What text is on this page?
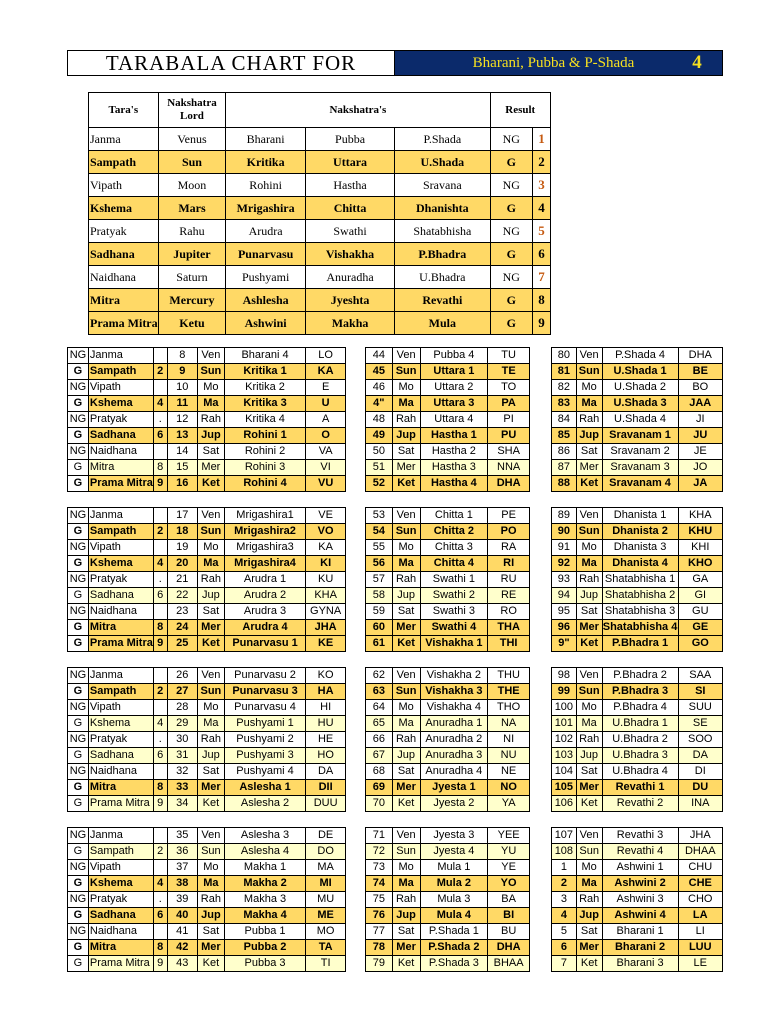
TARABALA CHART FOR	Bharani, Pubba & P-Shada	4
Tara's	Nakshatra Lord	Nakshatra's			Result	
Janma	Venus	Bharani	Pubba	P.Shada	NG	1
Sampath	Sun	Kritika	Uttara	U.Shada	G	2
Vipath	Moon	Rohini	Hastha	Sravana	NG	3
Kshema	Mars	Mrigashira	Chitta	Dhanishta	G	4
Pratyak	Rahu	Arudra	Swathi	Shatabhisha	NG	5
Sadhana	Jupiter	Punarvasu	Vishakha	P.Bhadra	G	6
Naidhana	Saturn	Pushyami	Anuradha	U.Bhadra	NG	7
Mitra	Mercury	Ashlesha	Jyeshta	Revathi	G	8
Prama Mitra	Ketu	Ashwini	Makha	Mula	G	9
NG	Janma		8	Ven	Bharani 4	LO
G	Sampath	2	9	Sun	Kritika 1	KA
NG	Vipath		10	Mo	Kritika 2	E
G	Kshema	4	11	Ma	Kritika 3	U
NG	Pratyak	.	12	Rah	Kritika 4	A
G	Sadhana	6	13	Jup	Rohini 1	O
NG	Naidhana		14	Sat	Rohini 2	VA
G	Mitra	8	15	Mer	Rohini 3	VI
G	Prama Mitra	9	16	Ket	Rohini 4	VU

NG	Janma		17	Ven	Mrigashira1	VE
G	Sampath	2	18	Sun	Mrigashira2	VO
NG	Vipath		19	Mo	Mrigashira3	KA
G	Kshema	4	20	Ma	Mrigashira4	KI
NG	Pratyak	.	21	Rah	Arudra 1	KU
G	Sadhana	6	22	Jup	Arudra 2	KHA
NG	Naidhana		23	Sat	Arudra 3	GYNA
G	Mitra	8	24	Mer	Arudra 4	JHA
G	Prama Mitra	9	25	Ket	Punarvasu 1	KE

NG	Janma		26	Ven	Punarvasu 2	KO
G	Sampath	2	27	Sun	Punarvasu 3	HA
NG	Vipath		28	Mo	Punarvasu 4	HI
G	Kshema	4	29	Ma	Pushyami 1	HU
NG	Pratyak	.	30	Rah	Pushyami 2	HE
G	Sadhana	6	31	Jup	Pushyami 3	HO
NG	Naidhana		32	Sat	Pushyami 4	DA
G	Mitra	8	33	Mer	Aslesha 1	DII
G	Prama Mitra	9	34	Ket	Aslesha 2	DUU

NG	Janma		35	Ven	Aslesha 3	DE
G	Sampath	2	36	Sun	Aslesha 4	DO
NG	Vipath		37	Mo	Makha 1	MA
G	Kshema	4	38	Ma	Makha 2	MI
NG	Pratyak	.	39	Rah	Makha 3	MU
G	Sadhana	6	40	Jup	Makha 4	ME
NG	Naidhana		41	Sat	Pubba 1	MO
G	Mitra	8	42	Mer	Pubba 2	TA
G	Prama Mitra	9	43	Ket	Pubba 3	TI
44	Ven	Pubba 4	TU
45	Sun	Uttara 1	TE
46	Mo	Uttara 2	TO
4"	Ma	Uttara 3	PA
48	Rah	Uttara 4	PI
49	Jup	Hastha 1	PU
50	Sat	Hastha 2	SHA
51	Mer	Hastha 3	NNA
52	Ket	Hastha 4	DHA

53	Ven	Chitta 1	PE
54	Sun	Chitta 2	PO
55	Mo	Chitta 3	RA
56	Ma	Chitta 4	RI
57	Rah	Swathi 1	RU
58	Jup	Swathi 2	RE
59	Sat	Swathi 3	RO
60	Mer	Swathi 4	THA
61	Ket	Vishakha 1	THI

62	Ven	Vishakha 2	THU
63	Sun	Vishakha 3	THE
64	Mo	Vishakha 4	THO
65	Ma	Anuradha 1	NA
66	Rah	Anuradha 2	NI
67	Jup	Anuradha 3	NU
68	Sat	Anuradha 4	NE
69	Mer	Jyesta 1	NO
70	Ket	Jyesta 2	YA

71	Ven	Jyesta 3	YEE
72	Sun	Jyesta 4	YU
73	Mo	Mula 1	YE
74	Ma	Mula 2	YO
75	Rah	Mula 3	BA
76	Jup	Mula 4	BI
77	Sat	P.Shada 1	BU
78	Mer	P.Shada 2	DHA
79	Ket	P.Shada 3	BHAA
80	Ven	P.Shada 4	DHA
81	Sun	U.Shada 1	BE
82	Mo	U.Shada 2	BO
83	Ma	U.Shada 3	JAA
84	Rah	U.Shada 4	JI
85	Jup	Sravanam 1	JU
86	Sat	Sravanam 2	JE
87	Mer	Sravanam 3	JO
88	Ket	Sravanam 4	JA

89	Ven	Dhanista 1	KHA
90	Sun	Dhanista 2	KHU
91	Mo	Dhanista 3	KHI
92	Ma	Dhanista 4	KHO
93	Rah	Shatabhisha 1	GA
94	Jup	Shatabhisha 2	GI
95	Sat	Shatabhisha 3	GU
96	Mer	Shatabhisha 4	GE
9"	Ket	P.Bhadra 1	GO

98	Ven	P.Bhadra 2	SAA
99	Sun	P.Bhadra 3	SI
100	Mo	P.Bhadra 4	SUU
101	Ma	U.Bhadra 1	SE
102	Rah	U.Bhadra 2	SOO
103	Jup	U.Bhadra 3	DA
104	Sat	U.Bhadra 4	DI
105	Mer	Revathi 1	DU
106	Ket	Revathi 2	INA

107	Ven	Revathi 3	JHA
108	Sun	Revathi 4	DHAA
1	Mo	Ashwini 1	CHU
2	Ma	Ashwini 2	CHE
3	Rah	Ashwini 3	CHO
4	Jup	Ashwini 4	LA
5	Sat	Bharani 1	LI
6	Mer	Bharani 2	LUU
7	Ket	Bharani 3	LE
